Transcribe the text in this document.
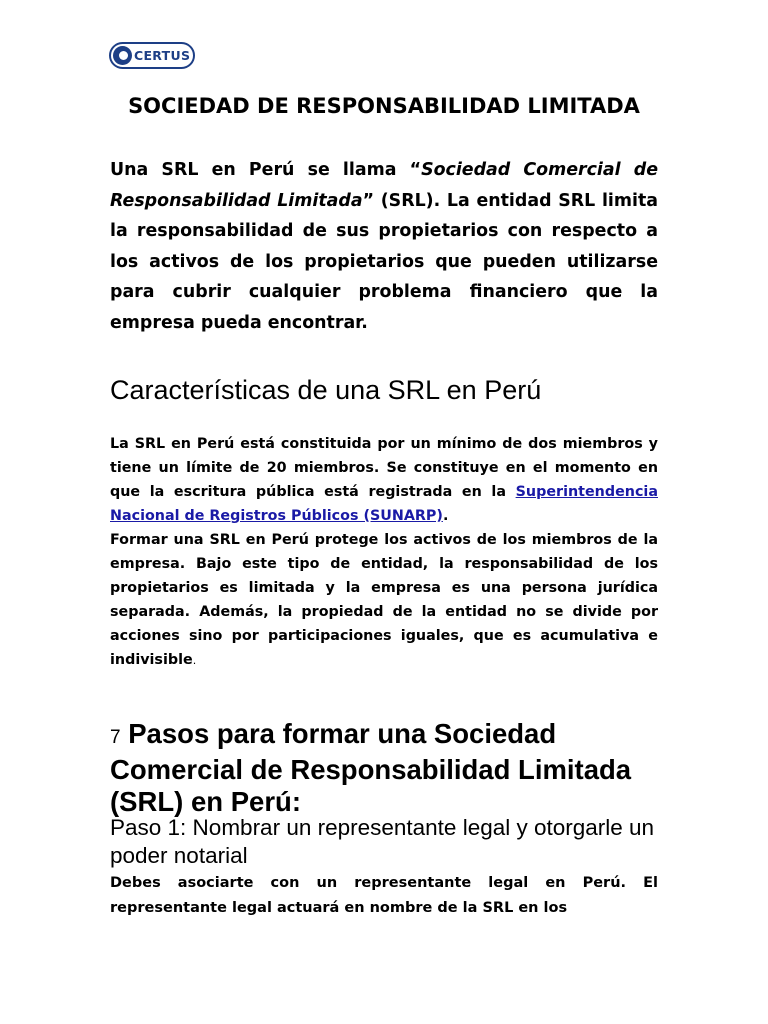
CERTUS
SOCIEDAD DE RESPONSABILIDAD LIMITADA

Una SRL en Perú se llama “Sociedad Comercial de Responsabilidad Limitada” (SRL). La entidad SRL limita la responsabilidad de sus propietarios con respecto a los activos de los propietarios que pueden utilizarse para cubrir cualquier problema financiero que la empresa pueda encontrar.

Características de una SRL en Perú

La SRL en Perú está constituida por un mínimo de dos miembros y tiene un límite de 20 miembros. Se constituye en el momento en que la escritura pública está registrada en la Superintendencia Nacional de Registros Públicos (SUNARP).

Formar una SRL en Perú protege los activos de los miembros de la empresa. Bajo este tipo de entidad, la responsabilidad de los propietarios es limitada y la empresa es una persona jurídica separada. Además, la propiedad de la entidad no se divide por acciones sino por participaciones iguales, que es acumulativa e indivisible.

7 Pasos para formar una Sociedad Comercial de Responsabilidad Limitada (SRL) en Perú:

Paso 1: Nombrar un representante legal y otorgarle un poder notarial

Debes asociarte con un representante legal en Perú. El representante legal actuará en nombre de la SRL en los
